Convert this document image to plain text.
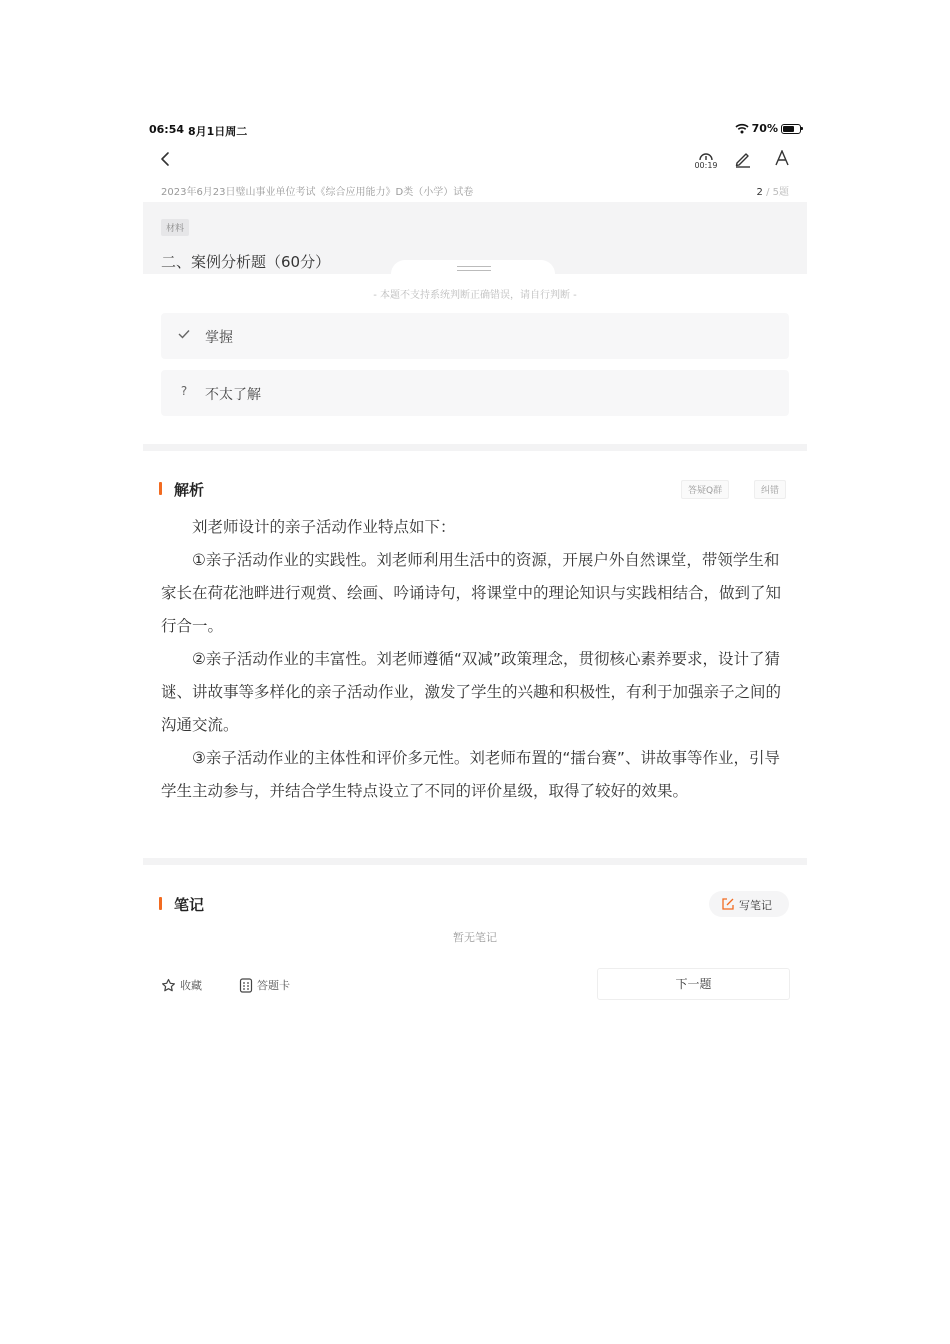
06:54 8月1日周二	70%
00:19
2023年6月23日璧山事业单位考试《综合应用能力》D类（小学）试卷	2 / 5题
材料
二、案例分析题（60分）
- 本题不支持系统判断正确错误，请自行判断 -
掌握
? 不太了解
解析	答疑Q群	纠错

刘老师设计的亲子活动作业特点如下：

①亲子活动作业的实践性。刘老师利用生活中的资源，开展户外自然课堂，带领学生和家长在荷花池畔进行观赏、绘画、吟诵诗句，将课堂中的理论知识与实践相结合，做到了知行合一。

②亲子活动作业的丰富性。刘老师遵循“双减”政策理念，贯彻核心素养要求，设计了猜谜、讲故事等多样化的亲子活动作业，激发了学生的兴趣和积极性，有利于加强亲子之间的沟通交流。

③亲子活动作业的主体性和评价多元性。刘老师布置的“擂台赛”、讲故事等作业，引导学生主动参与，并结合学生特点设立了不同的评价星级，取得了较好的效果。

笔记	写笔记
暂无笔记
收藏	答题卡	下一题
